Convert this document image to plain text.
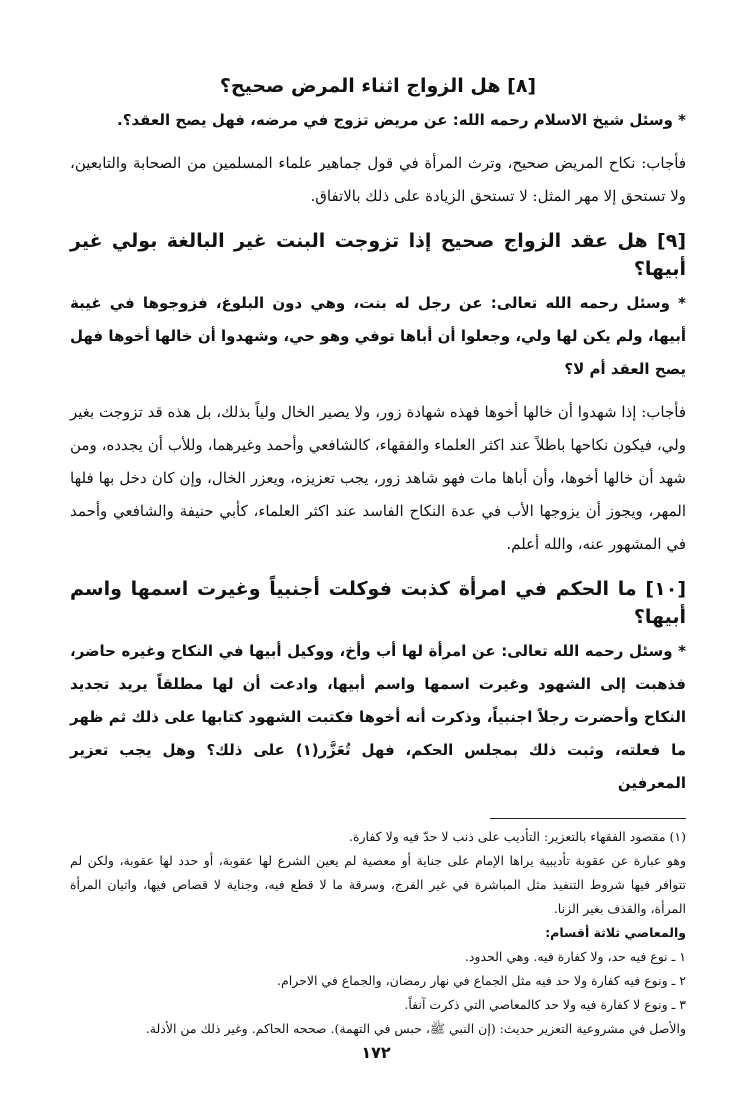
[٨] هل الزواج اثناء المرض صحيح؟

* وسئل شيخ الاسلام رحمه الله: عن مريض تزوج في مرضه، فهل يصح العقد؟.

فأجاب: نكاح المريض صحيح، وترث المرأة في قول جماهير علماء المسلمين من الصحابة والتابعين، ولا تستحق إلا مهر المثل: لا تستحق الزيادة على ذلك بالاتفاق.

[٩] هل عقد الزواج صحيح إذا تزوجت البنت غير البالغة بولي غير أبيها؟

* وسئل رحمه الله تعالى: عن رجل له بنت، وهي دون البلوغ، فزوجوها في غيبة أبيها، ولم يكن لها ولي، وجعلوا أن أباها توفي وهو حي، وشهدوا أن خالها أخوها فهل يصح العقد أم لا؟

فأجاب: إذا شهدوا أن خالها أخوها فهذه شهادة زور، ولا يصير الخال ولياً بذلك، بل هذه قد تزوجت بغير ولي، فيكون نكاحها باطلاً عند اكثر العلماء والفقهاء، كالشافعي وأحمد وغيرهما، وللأب أن يجدده، ومن شهد أن خالها أخوها، وأن أباها مات فهو شاهد زور، يجب تعزيزه، ويعزر الخال، وإن كان دخل بها فلها المهر، ويجوز أن يزوجها الأب في عدة النكاح الفاسد عند اكثر العلماء، كأبي حنيفة والشافعي وأحمد في المشهور عنه، والله أعلم.

[١٠] ما الحكم في امرأة كذبت فوكلت أجنبياً وغيرت اسمها واسم أبيها؟

* وسئل رحمه الله تعالى: عن امرأة لها أب وأخ، ووكيل أبيها في النكاح وغيره حاضر، فذهبت إلى الشهود وغيرت اسمها واسم أبيها، وادعت أن لها مطلقاً يريد تجديد النكاح وأحضرت رجلاً اجنبياً، وذكرت أنه أخوها فكتبت الشهود كتابها على ذلك ثم ظهر ما فعلته، وثبت ذلك بمجلس الحكم، فهل تُعَزَّر(١) على ذلك؟ وهل يجب تعزير المعرفين

(١) مقصود الفقهاء بالتعزير: التأديب على ذنب لا حدّ فيه ولا كفارة.

وهو عبارة عن عقوبة تأديبية يراها الإمام على جناية أو معصية لم يعين الشرع لها عقوبة، أو حدد لها عقوبة، ولكن لم تتوافر فيها شروط التنفيذ مثل المباشرة في غير الفرج، وسرقة ما لا قطع فيه، وجناية لا قصاص فيها، واتيان المرأة المرأة، والقذف بغير الزنا.

والمعاصي ثلاثة أقسام:

١ ـ نوع فيه حد، ولا كفارة فيه. وهي الحدود.

٢ ـ ونوع فيه كفارة ولا حد فيه مثل الجماع في نهار رمضان، والجماع في الاحرام.

٣ ـ ونوع لا كفارة فيه ولا حد كالمعاصي التي ذكرت آنفاً.

والأصل في مشروعية التعزير حديث: (إن النبي ﷺ، حبس في التهمة). صححه الحاكم. وغير ذلك من الأدلة.

١٧٢
